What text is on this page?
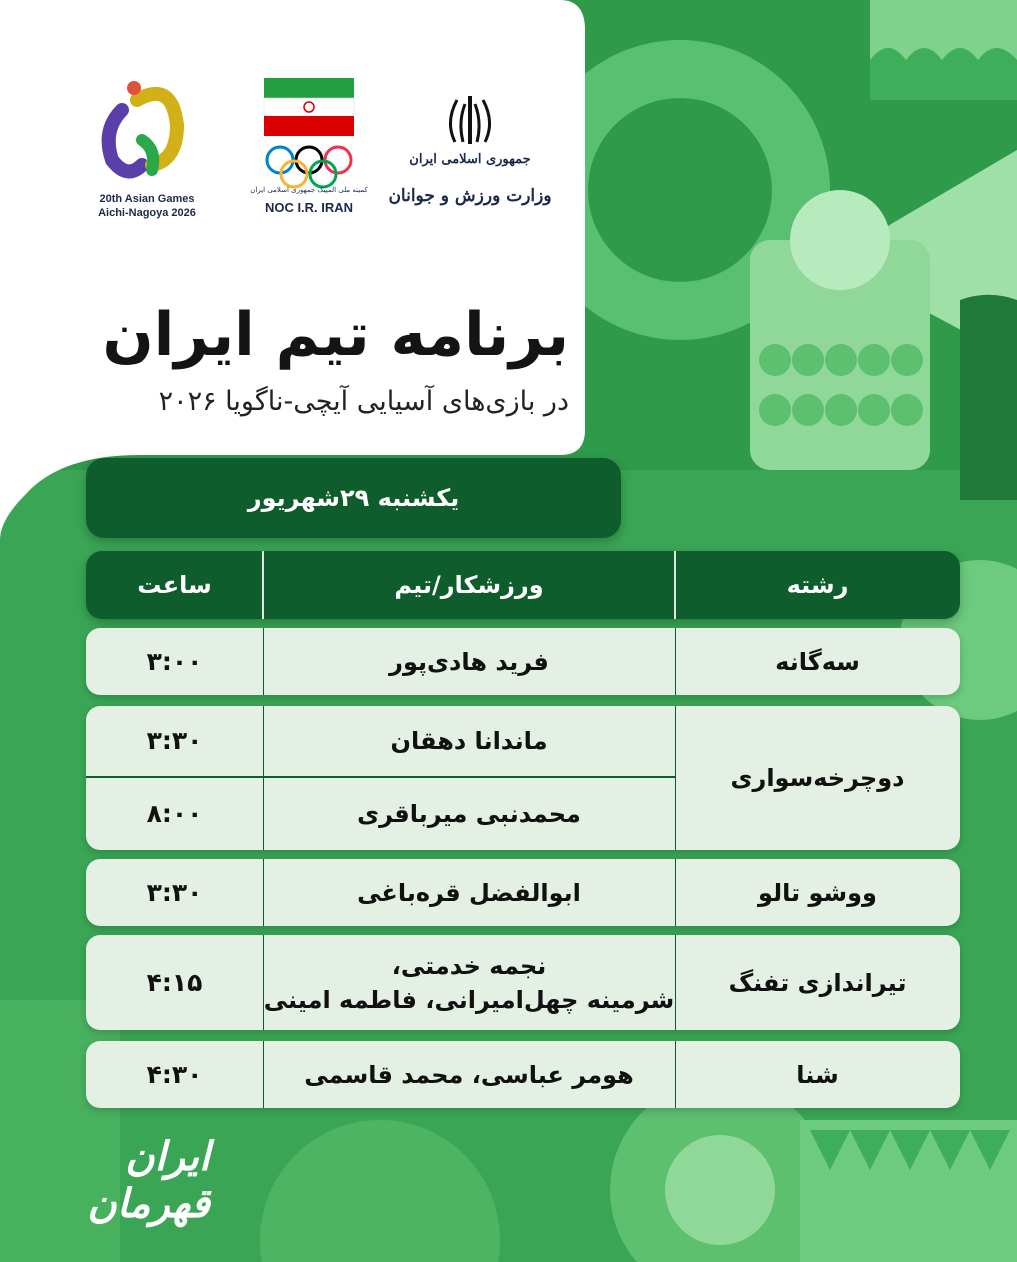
20th Asian Games
Aichi-Nagoya 2026
کمیته ملی المپیک جمهوری اسلامی ایران
NOC I.R. IRAN
جمهوری اسلامی ایران
وزارت ورزش و جوانان
برنامه تیم ایران
در بازی‌های آسیایی آیچی-ناگویا ۲۰۲۶
یکشنبه ۲۹شهریور
رشته
ورزشکار/تیم
ساعت
سه‌گانه
فرید هادی‌پور
۳:۰۰
دوچرخه‌سواری
ماندانا دهقان
۳:۳۰
محمدنبی میرباقری
۸:۰۰
ووشو تالو
ابوالفضل قره‌باغی
۳:۳۰
تیراندازی تفنگ
نجمه خدمتی،
شرمینه چهل‌امیرانی، فاطمه امینی
۴:۱۵
شنا
هومر عباسی، محمد قاسمی
۴:۳۰
ایران قهرمان
